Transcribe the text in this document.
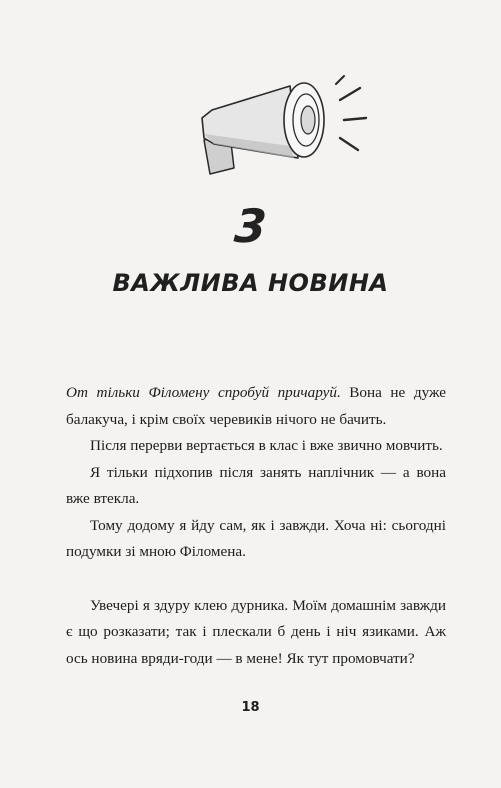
3
ВАЖЛИВА НОВИНА

От тільки Філомену спробуй причаруй. Вона не дуже балакуча, і крім своїх черевиків нічого не бачить.

Після перерви вертається в клас і вже звично мовчить.

Я тільки підхопив після занять наплічник — а вона вже втекла.

Тому додому я йду сам, як і завжди. Хоча ні: сьогодні подумки зі мною Філомена.

Увечері я здуру клею дурника. Моїм домашнім завжди є що розказати; так і плескали б день і ніч язиками. Аж ось новина вряди-годи — в мене! Як тут промовчати?

18
